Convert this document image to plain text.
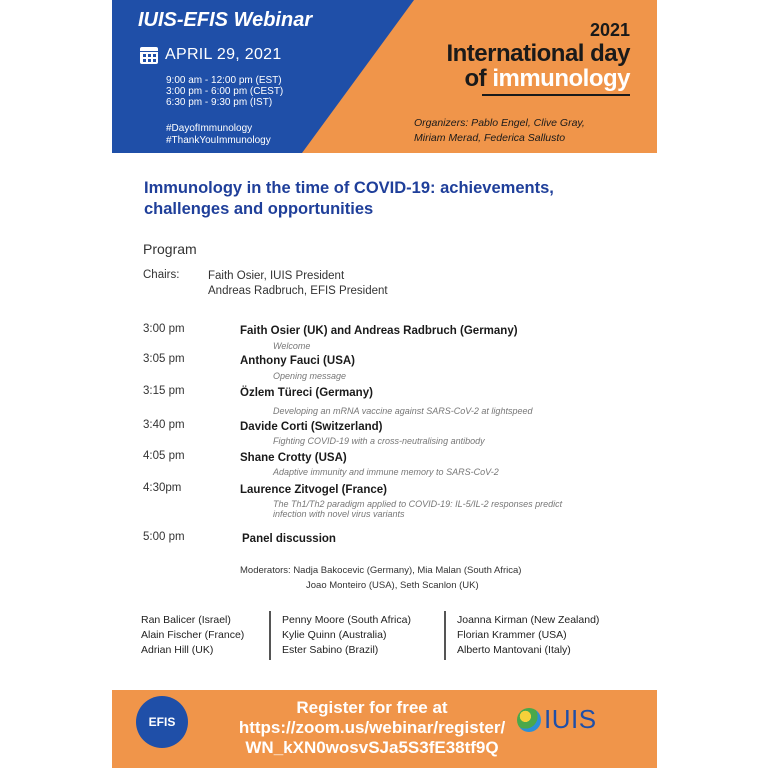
IUIS-EFIS Webinar
APRIL 29, 2021
9:00 am - 12:00 pm (EST)
3:00 pm - 6:00 pm (CEST)
6:30 pm - 9:30 pm (IST)
#DayofImmunology
#ThankYouImmunology
2021
International day
of immunology
Organizers: Pablo Engel, Clive Gray,
Miriam Merad, Federica Sallusto
Immunology in the time of COVID-19: achievements,
challenges and opportunities
Program
Chairs: Faith Osier, IUIS President
Andreas Radbruch, EFIS President
3:00 pm	Faith Osier (UK) and Andreas Radbruch (Germany)
Welcome
3:05 pm	Anthony Fauci (USA)
Opening message
3:15 pm	Özlem Türeci (Germany)
Developing an mRNA vaccine against SARS-CoV-2 at lightspeed
3:40 pm	Davide Corti (Switzerland)
Fighting COVID-19 with a cross-neutralising antibody
4:05 pm	Shane Crotty (USA)
Adaptive immunity and immune memory to SARS-CoV-2
4:30pm	Laurence Zitvogel (France)
The Th1/Th2 paradigm applied to COVID-19: IL-5/IL-2 responses predict
infection with novel virus variants
5:00 pm	Panel discussion
Moderators: Nadja Bakocevic (Germany), Mia Malan (South Africa)
Joao Monteiro (USA), Seth Scanlon (UK)
Ran Balicer (Israel)
Alain Fischer (France)
Adrian Hill (UK)
Penny Moore (South Africa)
Kylie Quinn (Australia)
Ester Sabino (Brazil)
Joanna Kirman (New Zealand)
Florian Krammer (USA)
Alberto Mantovani (Italy)
EFIS
Register for free at
https://zoom.us/webinar/register/
WN_kXN0wosvSJa5S3fE38tf9Q
IUIS
